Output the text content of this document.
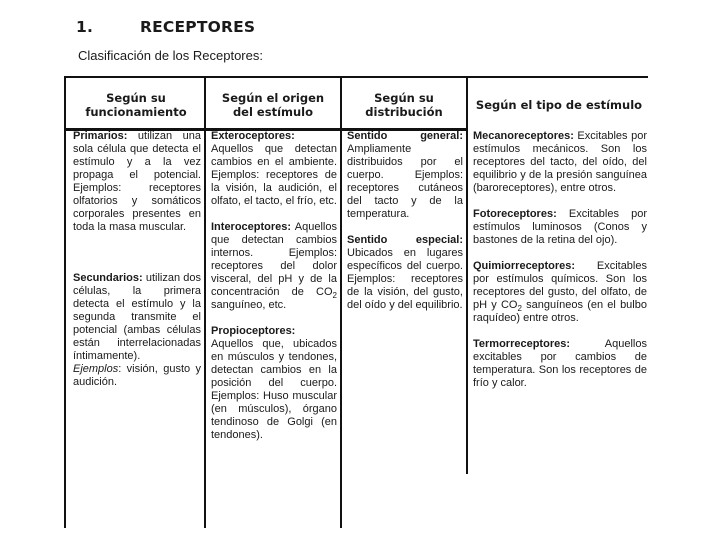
1.	RECEPTORES
Clasificación de los Receptores:
Según su funcionamiento
Según el origen del estímulo
Según su distribución	Según el tipo de estímulo

Primarios: utilizan una sola célula que detecta el estímulo y a la vez propaga el potencial. Ejemplos: receptores olfatorios y somáticos corporales presentes en toda la masa muscular.

Secundarios: utilizan dos células, la primera detecta el estímulo y la segunda transmite el potencial (ambas células están interrelacionadas íntimamente).
Ejemplos: visión, gusto y audición.

Exteroceptores: Aquellos que detectan cambios en el ambiente. Ejemplos: receptores de la visión, la audición, el olfato, el tacto, el frío, etc.

Interoceptores: Aquellos que detectan cambios internos. Ejemplos: receptores del dolor visceral, del pH y de la concentración de $CO_2$ sanguíneo, etc.

Propioceptores: Aquellos que, ubicados en músculos y tendones, detectan cambios en la posición del cuerpo. Ejemplos: Huso muscular (en músculos), órgano tendinoso de Golgi (en tendones).

Sentido general: Ampliamente distribuidos por el cuerpo. Ejemplos: receptores cutáneos del tacto y de la temperatura.

Sentido especial: Ubicados en lugares específicos del cuerpo. Ejemplos: receptores de la visión, del gusto, del oído y del equilibrio.

Mecanoreceptores: Excitables por estímulos mecánicos. Son los receptores del tacto, del oído, del equilibrio y de la presión sanguínea (baroreceptores), entre otros.

Fotoreceptores: Excitables por estímulos luminosos (Conos y bastones de la retina del ojo).

Quimiorreceptores: Excitables por estímulos químicos. Son los receptores del gusto, del olfato, de pH y $CO_2$ sanguíneos (en el bulbo raquídeo) entre otros.

Termorreceptores: Aquellos excitables por cambios de temperatura. Son los receptores de frío y calor.
